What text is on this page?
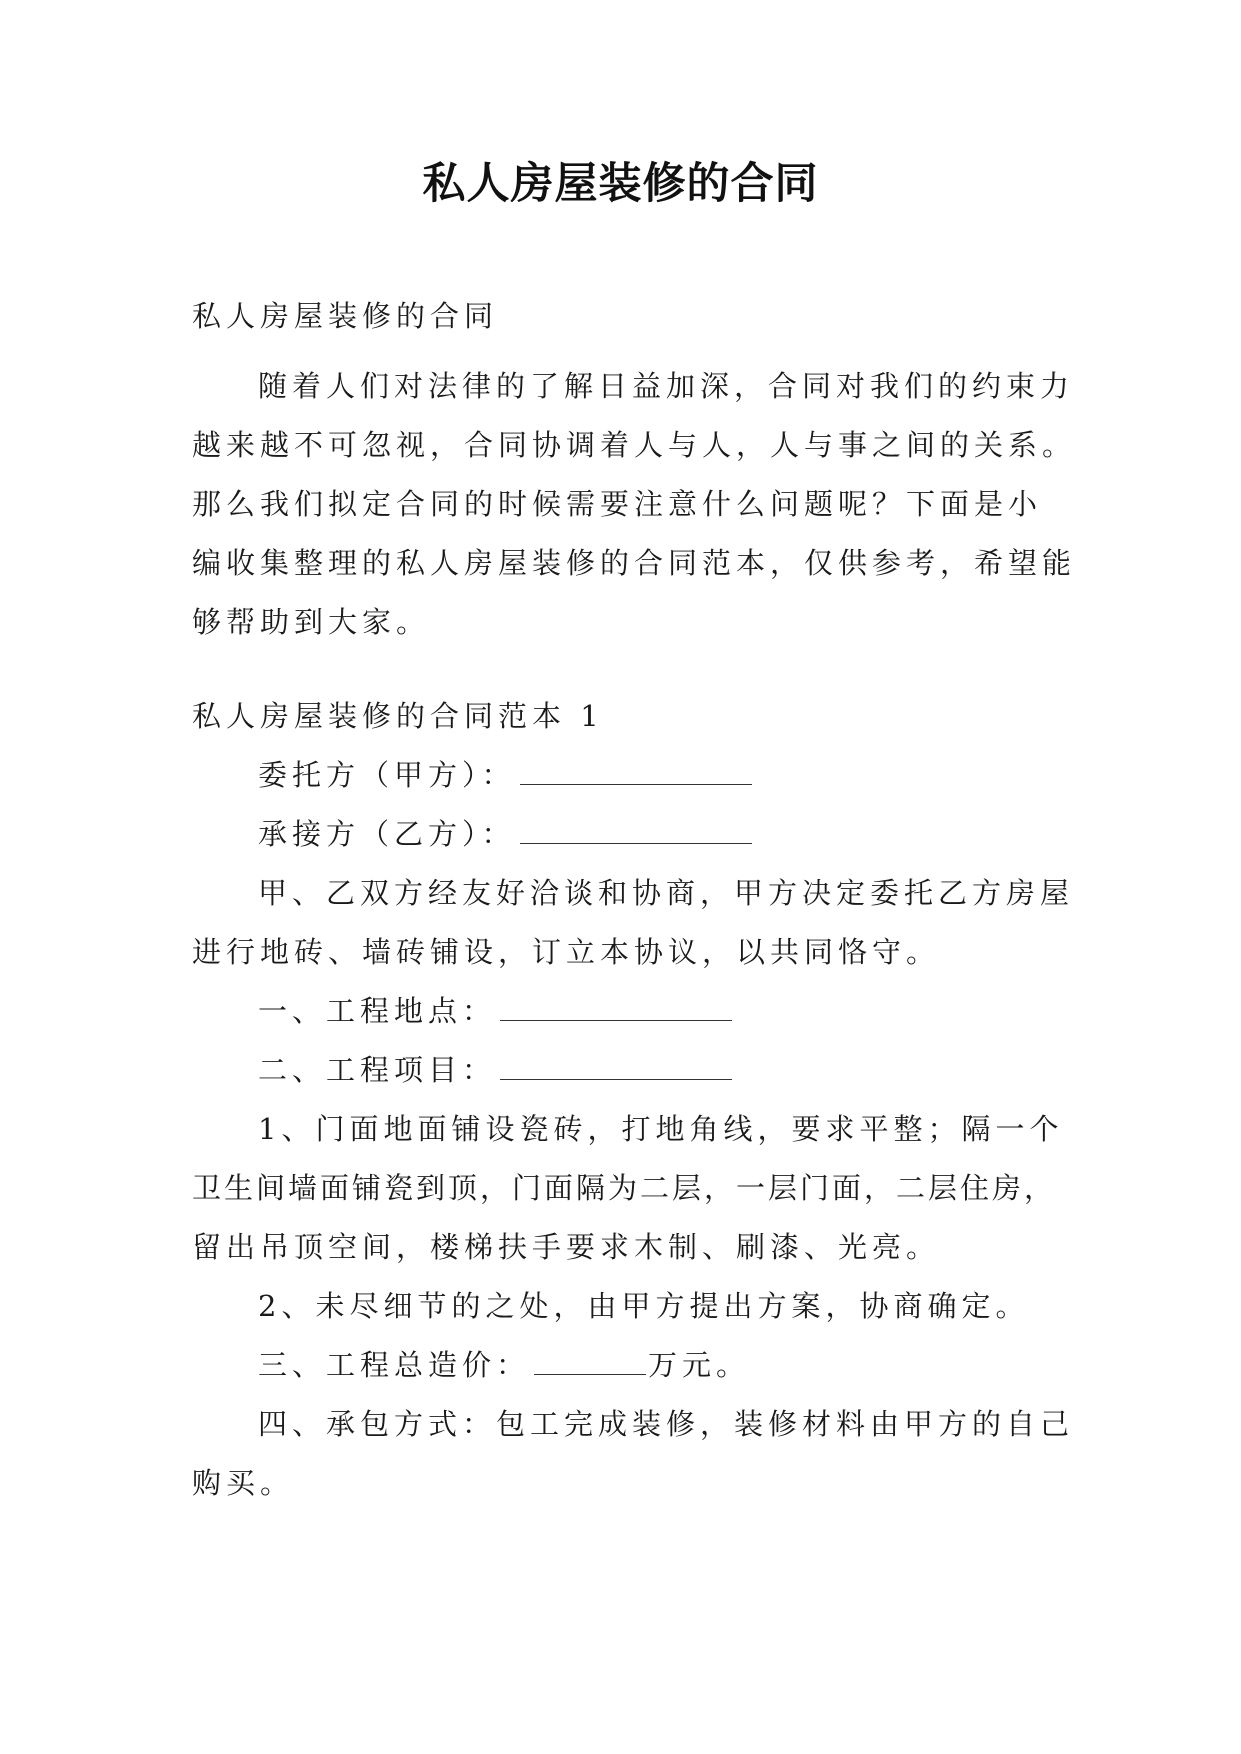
私人房屋装修的合同
私人房屋装修的合同
随着人们对法律的了解日益加深，合同对我们的约束力
越来越不可忽视，合同协调着人与人，人与事之间的关系。
那么我们拟定合同的时候需要注意什么问题呢？下面是小
编收集整理的私人房屋装修的合同范本，仅供参考，希望能
够帮助到大家。
私人房屋装修的合同范本 1
委托方（甲方）：
承接方（乙方）：
甲、乙双方经友好洽谈和协商，甲方决定委托乙方房屋
进行地砖、墙砖铺设，订立本协议，以共同恪守。
一、工程地点：
二、工程项目：
1、门面地面铺设瓷砖，打地角线，要求平整；隔一个
卫生间墙面铺瓷到顶，门面隔为二层，一层门面，二层住房，
留出吊顶空间，楼梯扶手要求木制、刷漆、光亮。
2、未尽细节的之处，由甲方提出方案，协商确定。
三、工程总造价：	万元。
四、承包方式：包工完成装修，装修材料由甲方的自己
购买。
